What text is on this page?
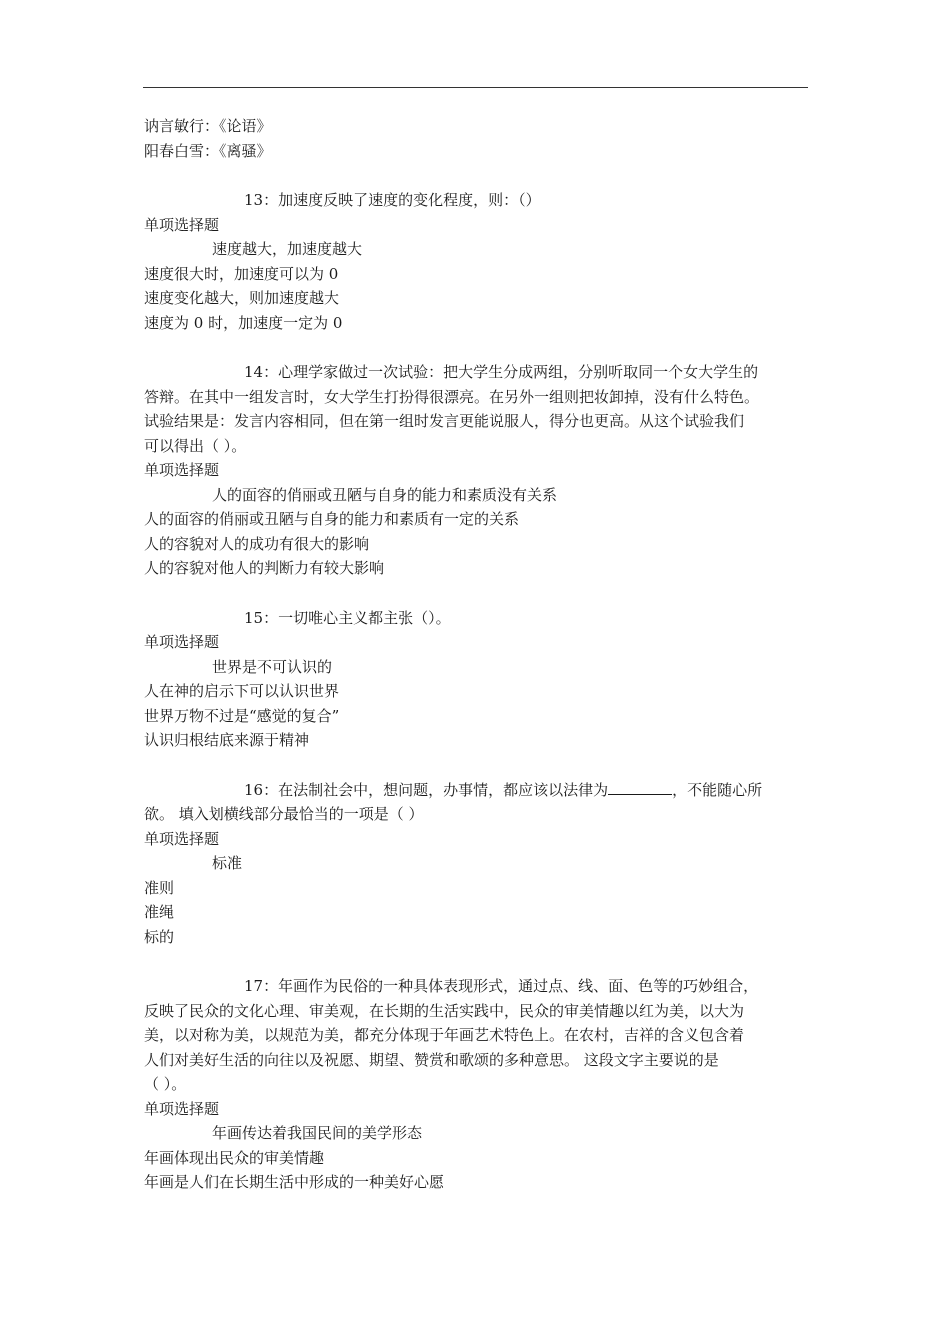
讷言敏行：《论语》
阳春白雪：《离骚》
13：加速度反映了速度的变化程度，则：（）
单项选择题
速度越大，加速度越大
速度很大时，加速度可以为 0
速度变化越大，则加速度越大
速度为 0 时，加速度一定为 0
14：心理学家做过一次试验：把大学生分成两组，分别听取同一个女大学生的
答辩。在其中一组发言时，女大学生打扮得很漂亮。在另外一组则把妆卸掉，没有什么特色。
试验结果是：发言内容相同，但在第一组时发言更能说服人，得分也更高。从这个试验我们
可以得出（ ）。
单项选择题
人的面容的俏丽或丑陋与自身的能力和素质没有关系
人的面容的俏丽或丑陋与自身的能力和素质有一定的关系
人的容貌对人的成功有很大的影响
人的容貌对他人的判断力有较大影响
15：一切唯心主义都主张（）。
单项选择题
世界是不可认识的
人在神的启示下可以认识世界
世界万物不过是“感觉的复合”
认识归根结底来源于精神
16：在法制社会中，想问题，办事情，都应该以法律为	，不能随心所
欲。 填入划横线部分最恰当的一项是（ ）
单项选择题
标准
准则
准绳
标的
17：年画作为民俗的一种具体表现形式，通过点、线、面、色等的巧妙组合，
反映了民众的文化心理、审美观，在长期的生活实践中，民众的审美情趣以红为美，以大为
美，以对称为美，以规范为美，都充分体现于年画艺术特色上。在农村，吉祥的含义包含着
人们对美好生活的向往以及祝愿、期望、赞赏和歌颂的多种意思。 这段文字主要说的是
（ ）。
单项选择题
年画传达着我国民间的美学形态
年画体现出民众的审美情趣
年画是人们在长期生活中形成的一种美好心愿
